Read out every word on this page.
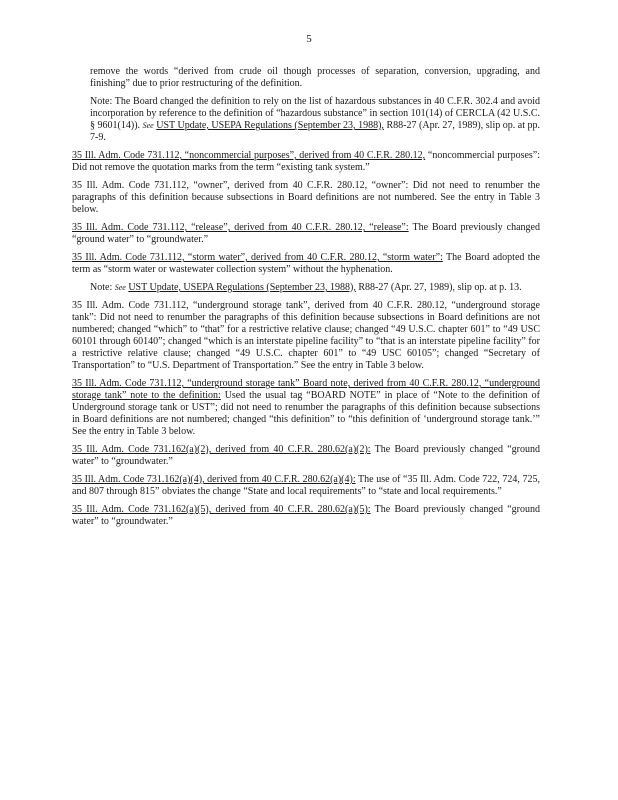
5

remove the words “derived from crude oil though processes of separation, conversion, upgrading, and finishing” due to prior restructuring of the definition.

Note: The Board changed the definition to rely on the list of hazardous substances in 40 C.F.R. 302.4 and avoid incorporation by reference to the definition of “hazardous substance” in section 101(14) of CERCLA (42 U.S.C. § 9601(14)). See UST Update, USEPA Regulations (September 23, 1988), R88-27 (Apr. 27, 1989), slip op. at pp. 7-9.

35 Ill. Adm. Code 731.112, “noncommercial purposes”, derived from 40 C.F.R. 280.12, “noncommercial purposes”: Did not remove the quotation marks from the term “existing tank system.”

35 Ill. Adm. Code 731.112, “owner”, derived from 40 C.F.R. 280.12, “owner”: Did not need to renumber the paragraphs of this definition because subsections in Board definitions are not numbered. See the entry in Table 3 below.

35 Ill. Adm. Code 731.112, “release”, derived from 40 C.F.R. 280.12, “release”: The Board previously changed “ground water” to “groundwater.”

35 Ill. Adm. Code 731.112, “storm water”, derived from 40 C.F.R. 280.12, “storm water”: The Board adopted the term as “storm water or wastewater collection system” without the hyphenation.

Note: See UST Update, USEPA Regulations (September 23, 1988), R88-27 (Apr. 27, 1989), slip op. at p. 13.

35 Ill. Adm. Code 731.112, “underground storage tank”, derived from 40 C.F.R. 280.12, “underground storage tank”: Did not need to renumber the paragraphs of this definition because subsections in Board definitions are not numbered; changed “which” to “that” for a restrictive relative clause; changed “49 U.S.C. chapter 601” to “49 USC 60101 through 60140”; changed “which is an interstate pipeline facility” to “that is an interstate pipeline facility” for a restrictive relative clause; changed “49 U.S.C. chapter 601” to “49 USC 60105”; changed “Secretary of Transportation” to “U.S. Department of Transportation.” See the entry in Table 3 below.

35 Ill. Adm. Code 731.112, “underground storage tank” Board note, derived from 40 C.F.R. 280.12, “underground storage tank” note to the definition: Used the usual tag “BOARD NOTE” in place of “Note to the definition of Underground storage tank or UST”; did not need to renumber the paragraphs of this definition because subsections in Board definitions are not numbered; changed “this definition” to “this definition of ‘underground storage tank.’” See the entry in Table 3 below.

35 Ill. Adm. Code 731.162(a)(2), derived from 40 C.F.R. 280.62(a)(2): The Board previously changed “ground water” to “groundwater.”

35 Ill. Adm. Code 731.162(a)(4), derived from 40 C.F.R. 280.62(a)(4): The use of “35 Ill. Adm. Code 722, 724, 725, and 807 through 815” obviates the change “State and local requirements” to “state and local requirements.”

35 Ill. Adm. Code 731.162(a)(5), derived from 40 C.F.R. 280.62(a)(5): The Board previously changed “ground water” to “groundwater.”
